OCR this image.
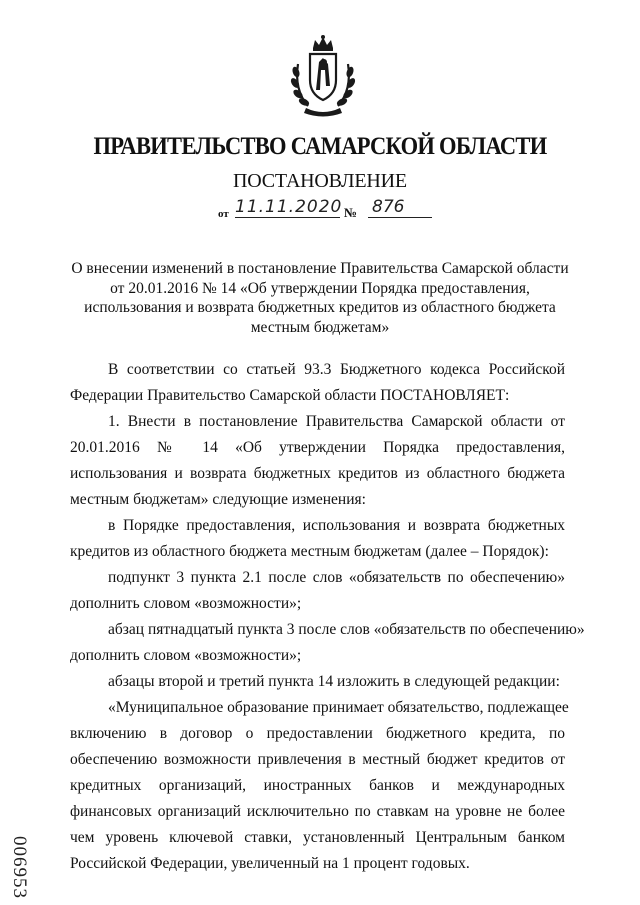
ПРАВИТЕЛЬСТВО САМАРСКОЙ ОБЛАСТИ
ПОСТАНОВЛЕНИЕ
от 11.11.2020 № 876
О внесении изменений в постановление Правительства Самарской области
от 20.01.2016 № 14 «Об утверждении Порядка предоставления,
использования и возврата бюджетных кредитов из областного бюджета
местным бюджетам»
В соответствии со статьей 93.3 Бюджетного кодекса Российской
Федерации Правительство Самарской области ПОСТАНОВЛЯЕТ:
1. Внести в постановление Правительства Самарской области от
20.01.2016 № 14 «Об утверждении Порядка предоставления,
использования и возврата бюджетных кредитов из областного бюджета
местным бюджетам» следующие изменения:
в Порядке предоставления, использования и возврата бюджетных
кредитов из областного бюджета местным бюджетам (далее – Порядок):
подпункт 3 пункта 2.1 после слов «обязательств по обеспечению»
дополнить словом «возможности»;
абзац пятнадцатый пункта 3 после слов «обязательств по обеспечению»
дополнить словом «возможности»;
абзацы второй и третий пункта 14 изложить в следующей редакции:
«Муниципальное образование принимает обязательство, подлежащее
включению в договор о предоставлении бюджетного кредита, по
обеспечению возможности привлечения в местный бюджет кредитов от
кредитных организаций, иностранных банков и международных
финансовых организаций исключительно по ставкам на уровне не более
чем уровень ключевой ставки, установленный Центральным банком
Российской Федерации, увеличенный на 1 процент годовых.
006953
